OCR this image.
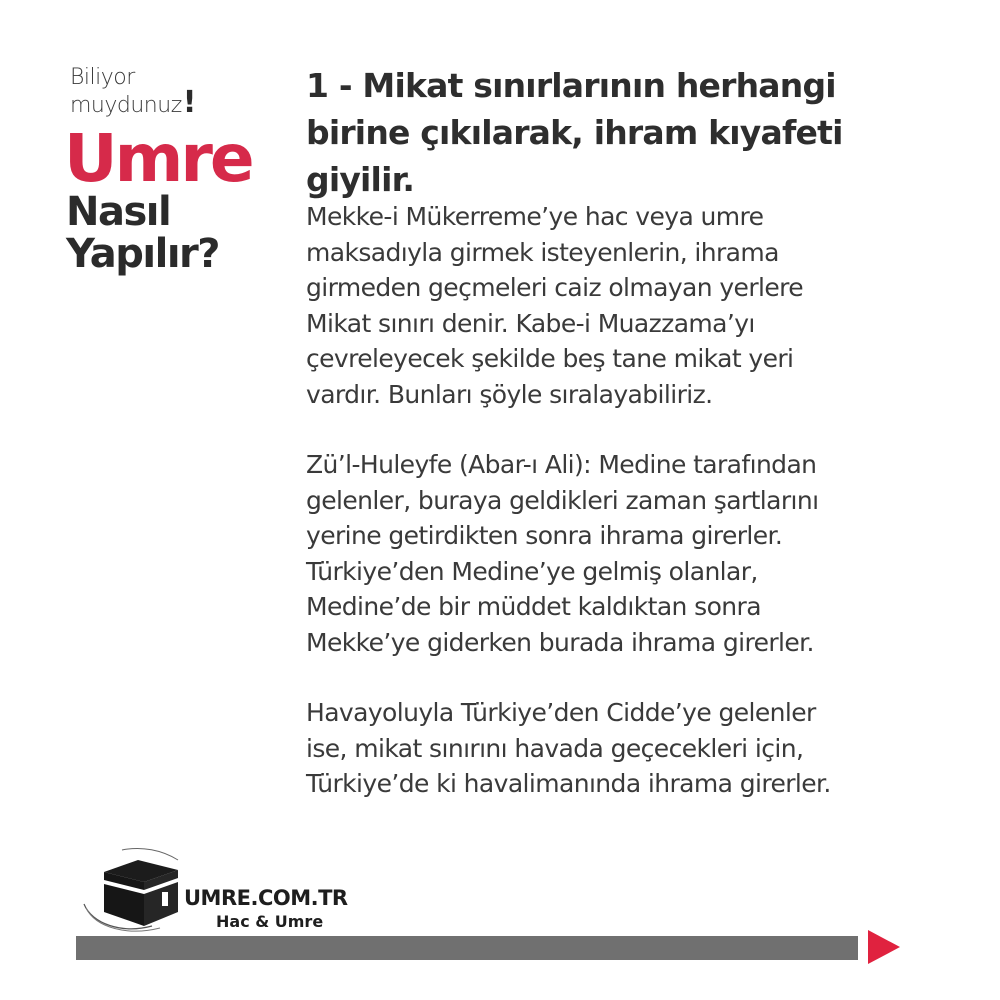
Biliyor
muydunuz!
Umre
Nasıl
Yapılır?
1 - Mikat sınırlarının herhangi birine çıkılarak, ihram kıyafeti giyilir.

Mekke-i Mükerreme’ye hac veya umre
maksadıyla girmek isteyenlerin, ihrama
girmeden geçmeleri caiz olmayan yerlere
Mikat sınırı denir. Kabe-i Muazzama’yı
çevreleyecek şekilde beş tane mikat yeri
vardır. Bunları şöyle sıralayabiliriz.

Zü’l-Huleyfe (Abar-ı Ali): Medine tarafından
gelenler, buraya geldikleri zaman şartlarını
yerine getirdikten sonra ihrama girerler.
Türkiye’den Medine’ye gelmiş olanlar,
Medine’de bir müddet kaldıktan sonra
Mekke’ye giderken burada ihrama girerler.

Havayoluyla Türkiye’den Cidde’ye gelenler
ise, mikat sınırını havada geçecekleri için,
Türkiye’de ki havalimanında ihrama girerler.

UMRE.COM.TR
Hac & Umre
